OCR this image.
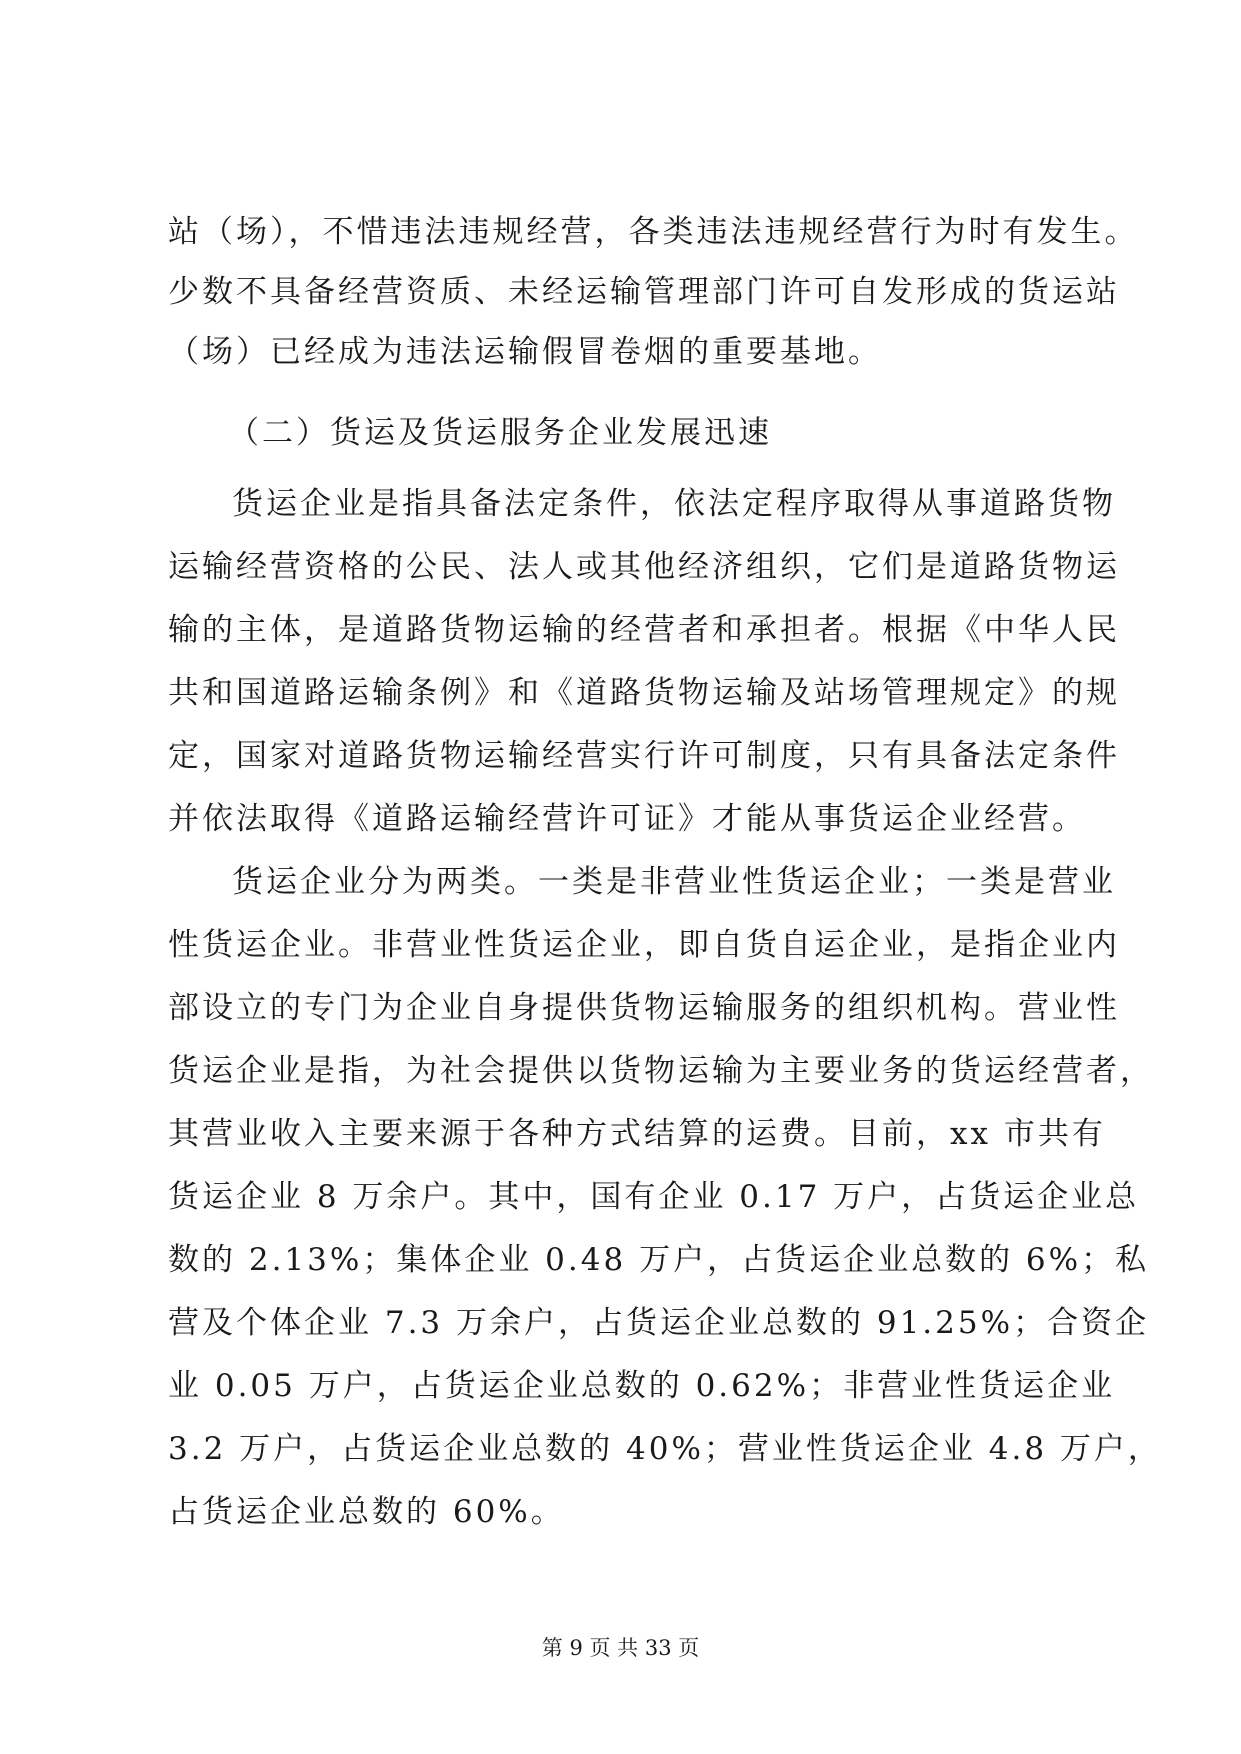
站（场），不惜违法违规经营，各类违法违规经营行为时有发生。
少数不具备经营资质、未经运输管理部门许可自发形成的货运站
（场）已经成为违法运输假冒卷烟的重要基地。
（二）货运及货运服务企业发展迅速
货运企业是指具备法定条件，依法定程序取得从事道路货物
运输经营资格的公民、法人或其他经济组织，它们是道路货物运
输的主体，是道路货物运输的经营者和承担者。根据《中华人民
共和国道路运输条例》和《道路货物运输及站场管理规定》的规
定，国家对道路货物运输经营实行许可制度，只有具备法定条件
并依法取得《道路运输经营许可证》才能从事货运企业经营。
货运企业分为两类。一类是非营业性货运企业；一类是营业
性货运企业。非营业性货运企业，即自货自运企业，是指企业内
部设立的专门为企业自身提供货物运输服务的组织机构。营业性
货运企业是指，为社会提供以货物运输为主要业务的货运经营者，
其营业收入主要来源于各种方式结算的运费。目前，xx 市共有
货运企业 8 万余户。其中，国有企业 0.17 万户，占货运企业总
数的 2.13%；集体企业 0.48 万户，占货运企业总数的 6%；私
营及个体企业 7.3 万余户，占货运企业总数的 91.25%；合资企
业 0.05 万户，占货运企业总数的 0.62%；非营业性货运企业
3.2 万户，占货运企业总数的 40%；营业性货运企业 4.8 万户，
占货运企业总数的 60%。
第 9 页 共 33 页
